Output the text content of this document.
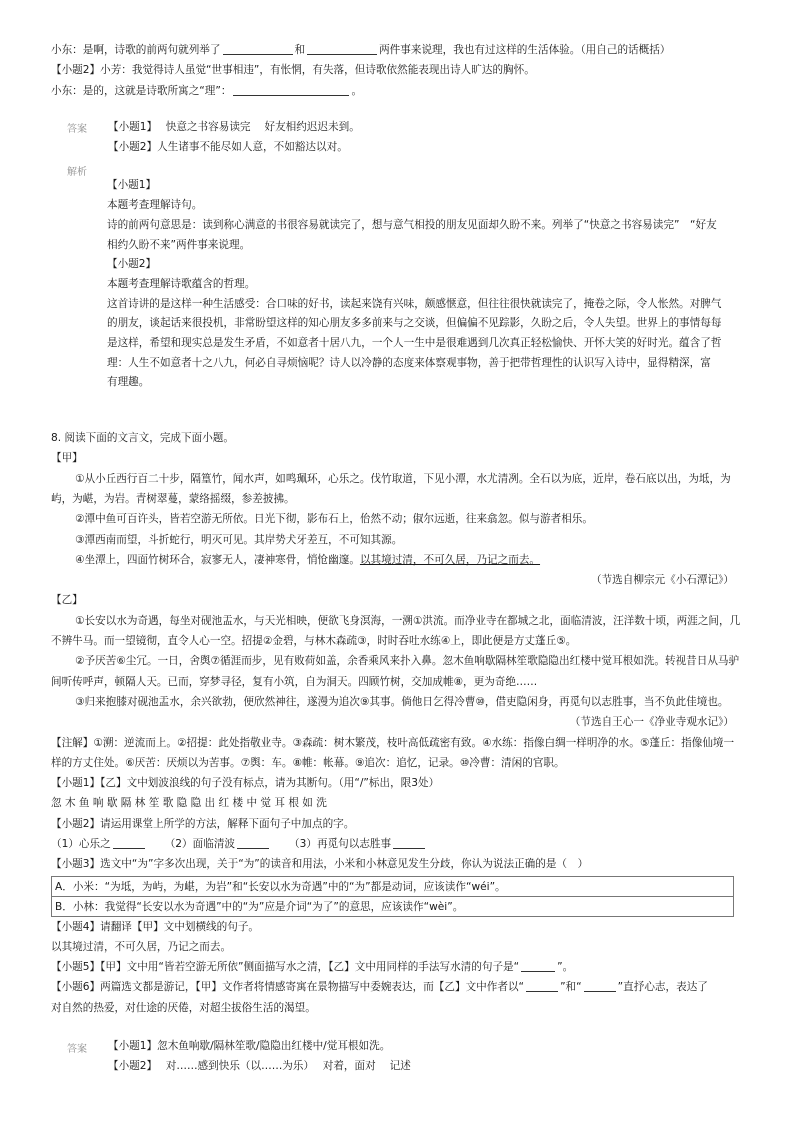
小东：是啊，诗歌的前两句就列举了	和	两件事来说理，我也有过这样的生活体验。（用自己的话概括）
【小题2】小芳：我觉得诗人虽觉“世事相违”，有怅惘，有失落，但诗歌依然能表现出诗人旷达的胸怀。
小东：是的，这就是诗歌所寓之“理”：	。
答案	【小题1】　 快意之书容易读完　 好友相约迟迟未到。
【小题2】人生诸事不能尽如人意，不如豁达以对。
解析
【小题1】
本题考查理解诗句。
诗的前两句意思是：读到称心满意的书很容易就读完了，想与意气相投的朋友见面却久盼不来。列举了“快意之书容易读完”　“好友
相约久盼不来”两件事来说理。
【小题2】
本题考查理解诗歌蕴含的哲理。
这首诗讲的是这样一种生活感受：合口味的好书，读起来饶有兴味，颇感惬意，但往往很快就读完了，掩卷之际，令人怅然。对脾气
的朋友，谈起话来很投机，非常盼望这样的知心朋友多多前来与之交谈，但偏偏不见踪影，久盼之后，令人失望。世界上的事情每每
是这样，希望和现实总是发生矛盾，不如意者十居八九，一个人一生中是很难遇到几次真正轻松愉快、开怀大笑的好时光。蕴含了哲
理：人生不如意者十之八九，何必自寻烦恼呢？诗人以冷静的态度来体察观事物，善于把带哲理性的认识写入诗中，显得精深，富
有理趣。
8. 阅读下面的文言文，完成下面小题。
【甲】
①从小丘西行百二十步，隔篁竹，闻水声，如鸣珮环，心乐之。伐竹取道，下见小潭，水尤清冽。全石以为底，近岸，卷石底以出，为坻，为
屿，为嵁，为岩。青树翠蔓，蒙络摇缀，参差披拂。
②潭中鱼可百许头，皆若空游无所依。日光下彻，影布石上，佁然不动；俶尔远逝，往来翕忽。似与游者相乐。
③潭西南而望，斗折蛇行，明灭可见。其岸势犬牙差互，不可知其源。
④坐潭上，四面竹树环合，寂寥无人，凄神寒骨，悄怆幽邃。以其境过清，不可久居，乃记之而去。
（节选自柳宗元《小石潭记》）
【乙】
①长安以水为奇遇，每坐对砚池盂水，与天光相映，便欲飞身溟海，一溯①洪流。而净业寺在都城之北，面临清波，汪洋数十顷，两涯之间，几
不辨牛马。而一望镜彻，直令人心一空。招提②金碧，与林木森疏③，时时吞吐水练④上，即此便是方丈蓬丘⑤。
②予厌苦⑥尘冗。一日，舍舆⑦循涯而步，见有败荷如盖，余香乘风来扑入鼻。忽木鱼响歇隔林笙歌隐隐出红楼中觉耳根如洗。转视昔日从马驴
间听传呼声，顿隔人天。已而，穿梦寻径，复有小筑，自为洞天。四顾竹树，交加成帷⑧，更为奇绝……
③归来抱膝对砚池盂水，余兴欲勃，便欣然神往，遂漫为追次⑨其事。倘他日乞得冷曹⑩，借吏隐闲身，再觅句以志胜事，当不负此佳境也。
（节选自王心一《净业寺观水记》）
【注解】①溯：逆流而上。②招提：此处指敬业寺。③森疏：树木繁茂，枝叶高低疏密有致。④水练：指像白绸一样明净的水。⑤蓬丘：指像仙境一
样的方丈住处。⑥厌苦：厌烦以为苦事。⑦舆：车。⑧帷：帐幕。⑨追次：追忆，记录。⑩冷曹：清闲的官职。
【小题1】【乙】文中划波浪线的句子没有标点，请为其断句。（用“/”标出，限3处）
忽 木 鱼 响 歇 隔 林 笙 歌 隐 隐 出 红 楼 中 觉 耳 根 如 洗
【小题2】请运用课堂上所学的方法，解释下面句子中加点的字。
（1）心乐之	（2）面临清波	（3）再觅句以志胜事
【小题3】选文中“为”字多次出现，关于“为”的读音和用法，小米和小林意见发生分歧，你认为说法正确的是（　）
A．小米：“为坻，为屿，为嵁，为岩”和“长安以水为奇遇”中的“为”都是动词，应该读作“wéi”。
B．小林：我觉得“长安以水为奇遇”中的“为”应是介词“为了”的意思，应该读作“wèi”。
【小题4】请翻译【甲】文中划横线的句子。
以其境过清，不可久居，乃记之而去。
【小题5】【甲】文中用“皆若空游无所依”侧面描写水之清，【乙】文中用同样的手法写水清的句子是“	”。
【小题6】两篇选文都是游记，【甲】文作者将情感寄寓在景物描写中委婉表达，而【乙】文中作者以“	”和“	”直抒心志，表达了
对自然的热爱，对仕途的厌倦，对超尘拔俗生活的渴望。
答案 【小题1】忽木鱼响歇/隔林笙歌/隐隐出红楼中/觉耳根如洗。
【小题2】　 对……感到快乐（以……为乐）　 对着，面对　 记述
